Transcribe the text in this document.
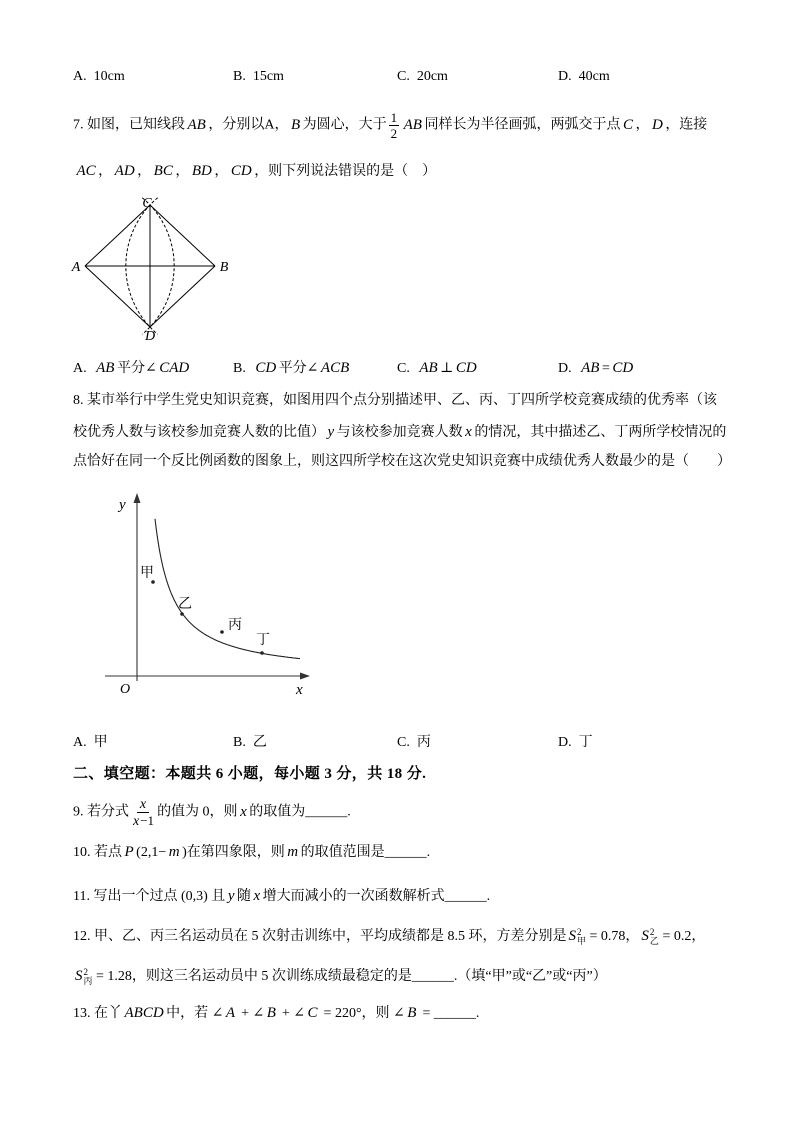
A. 10cm	B. 15cm	C. 20cm	D. 40cm
7. 如图，已知线段 AB ，分别以A， B 为圆心，大于 $\frac{1}{2}$ AB 同样长为半径画弧，两弧交于点 C ， D ，连接
AC ， AD ， BC ， BD ， CD ，则下列说法错误的是（　）
C
A	B
D
A. AB 平分∠ CAD	B. CD 平分∠ ACB	C. AB ⊥ CD	D. AB = CD
8. 某市举行中学生党史知识竞赛，如图用四个点分别描述甲、乙、丙、丁四所学校竞赛成绩的优秀率（该
校优秀人数与该校参加竞赛人数的比值） y 与该校参加竞赛人数 x 的情况，其中描述乙、丁两所学校情况的
点恰好在同一个反比例函数的图象上，则这四所学校在这次党史知识竞赛中成绩优秀人数最少的是（　　）
y
O	x
甲
乙
丙
丁
A. 甲	B. 乙	C. 丙	D. 丁
二、填空题：本题共 6 小题，每小题 3 分，共 18 分.
9. 若分式 $\frac{x}{x-1}$ 的值为 0，则 x 的取值为______.
10. 若点 P (2,1− m )在第四象限，则 m 的取值范围是______.
11. 写出一个过点 (0,3) 且 y 随 x 增大而减小的一次函数解析式______.
12. 甲、乙、丙三名运动员在 5 次射击训练中，平均成绩都是 8.5 环，方差分别是 S 2
甲 = 0.78， S 2
乙 = 0.2，
S 2
丙 = 1.28，则这三名运动员中 5 次训练成绩最稳定的是______.（填“甲”或“乙”或“丙”）
13. 在丫 ABCD 中，若 ∠ A + ∠ B + ∠ C = 220°，则 ∠ B = ______.
